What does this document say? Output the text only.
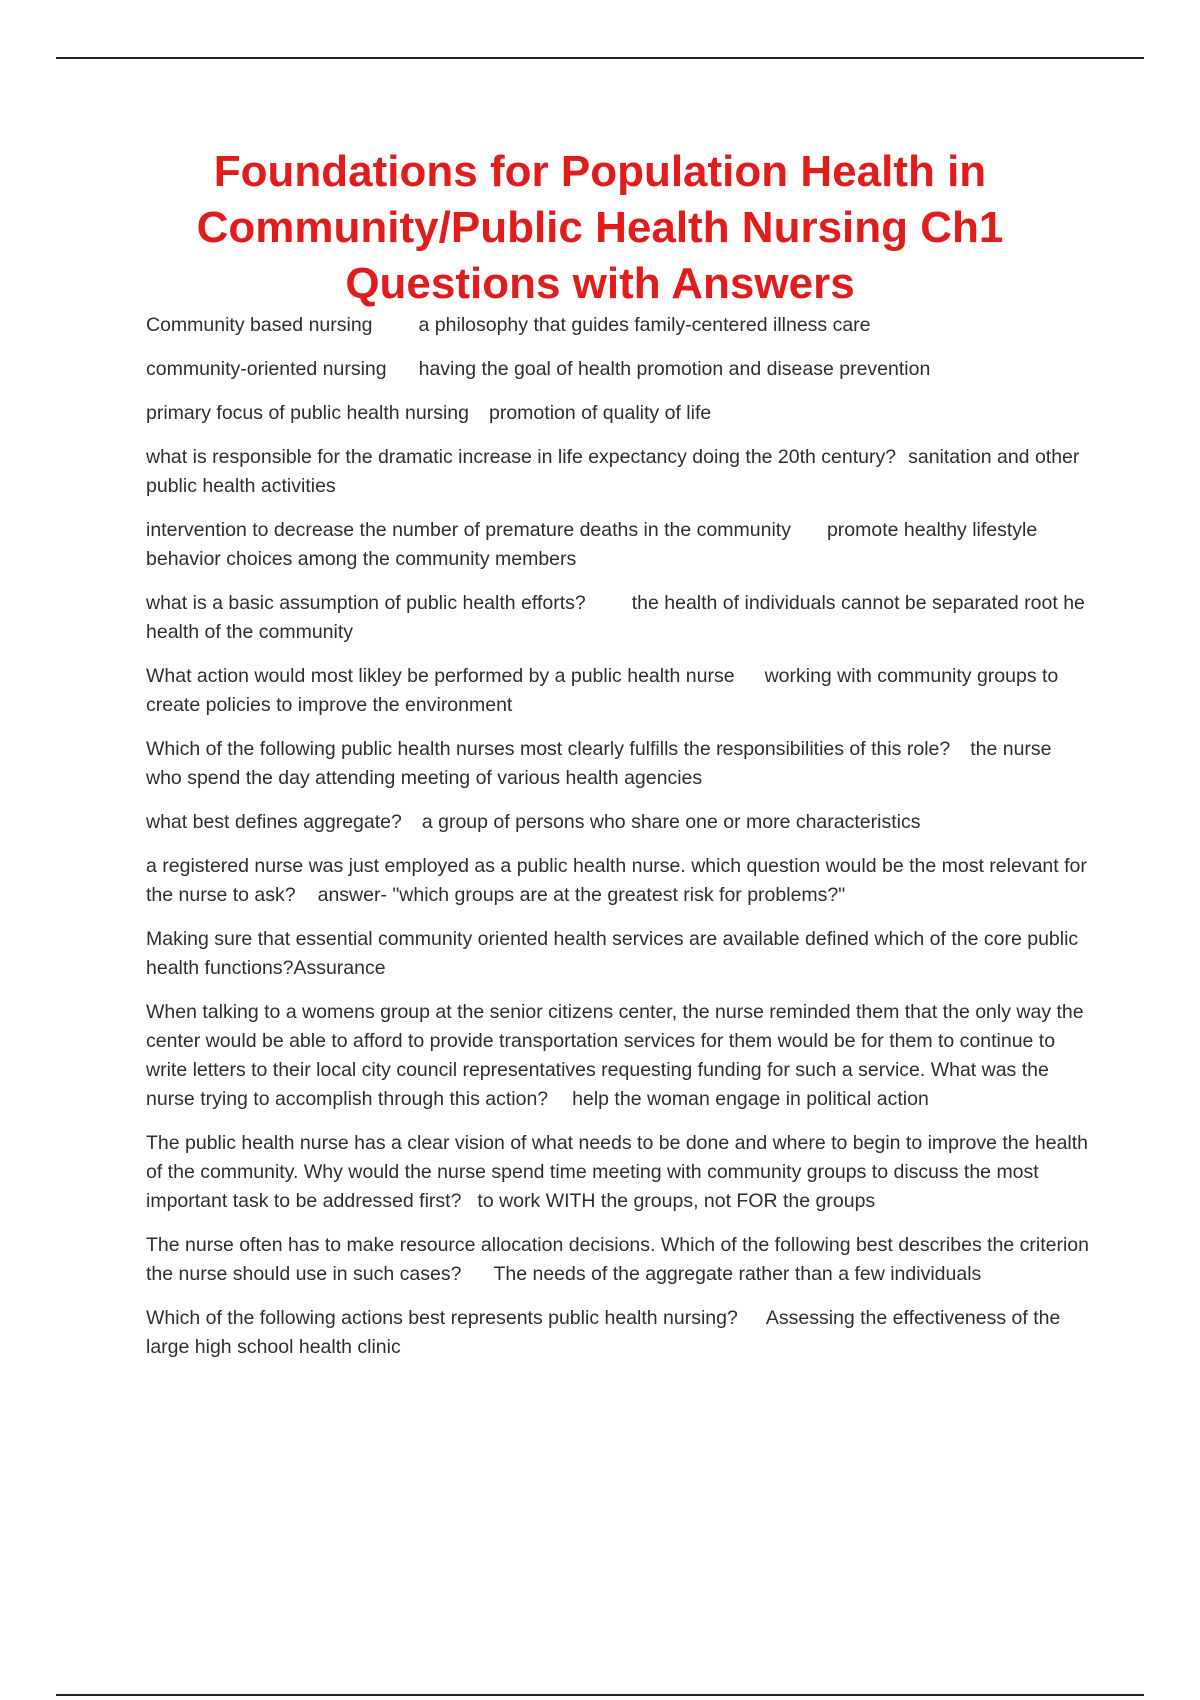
Foundations for Population Health in Community/Public Health Nursing Ch1 Questions with Answers

Community based nursing a philosophy that guides family-centered illness care

community-oriented nursing having the goal of health promotion and disease prevention

primary focus of public health nursing promotion of quality of life

what is responsible for the dramatic increase in life expectancy doing the 20th century? sanitation and other public health activities

intervention to decrease the number of premature deaths in the community promote healthy lifestyle behavior choices among the community members

what is a basic assumption of public health efforts? the health of individuals cannot be separated root he health of the community

What action would most likley be performed by a public health nurse working with community groups to create policies to improve the environment

Which of the following public health nurses most clearly fulfills the responsibilities of this role? the nurse who spend the day attending meeting of various health agencies

what best defines aggregate? a group of persons who share one or more characteristics

a registered nurse was just employed as a public health nurse. which question would be the most relevant for the nurse to ask? answer- "which groups are at the greatest risk for problems?"

Making sure that essential community oriented health services are available defined which of the core public health functions?Assurance

When talking to a womens group at the senior citizens center, the nurse reminded them that the only way the center would be able to afford to provide transportation services for them would be for them to continue to write letters to their local city council representatives requesting funding for such a service. What was the nurse trying to accomplish through this action? help the woman engage in political action

The public health nurse has a clear vision of what needs to be done and where to begin to improve the health of the community. Why would the nurse spend time meeting with community groups to discuss the most important task to be addressed first? to work WITH the groups, not FOR the groups

The nurse often has to make resource allocation decisions. Which of the following best describes the criterion the nurse should use in such cases? The needs of the aggregate rather than a few individuals

Which of the following actions best represents public health nursing? Assessing the effectiveness of the large high school health clinic
